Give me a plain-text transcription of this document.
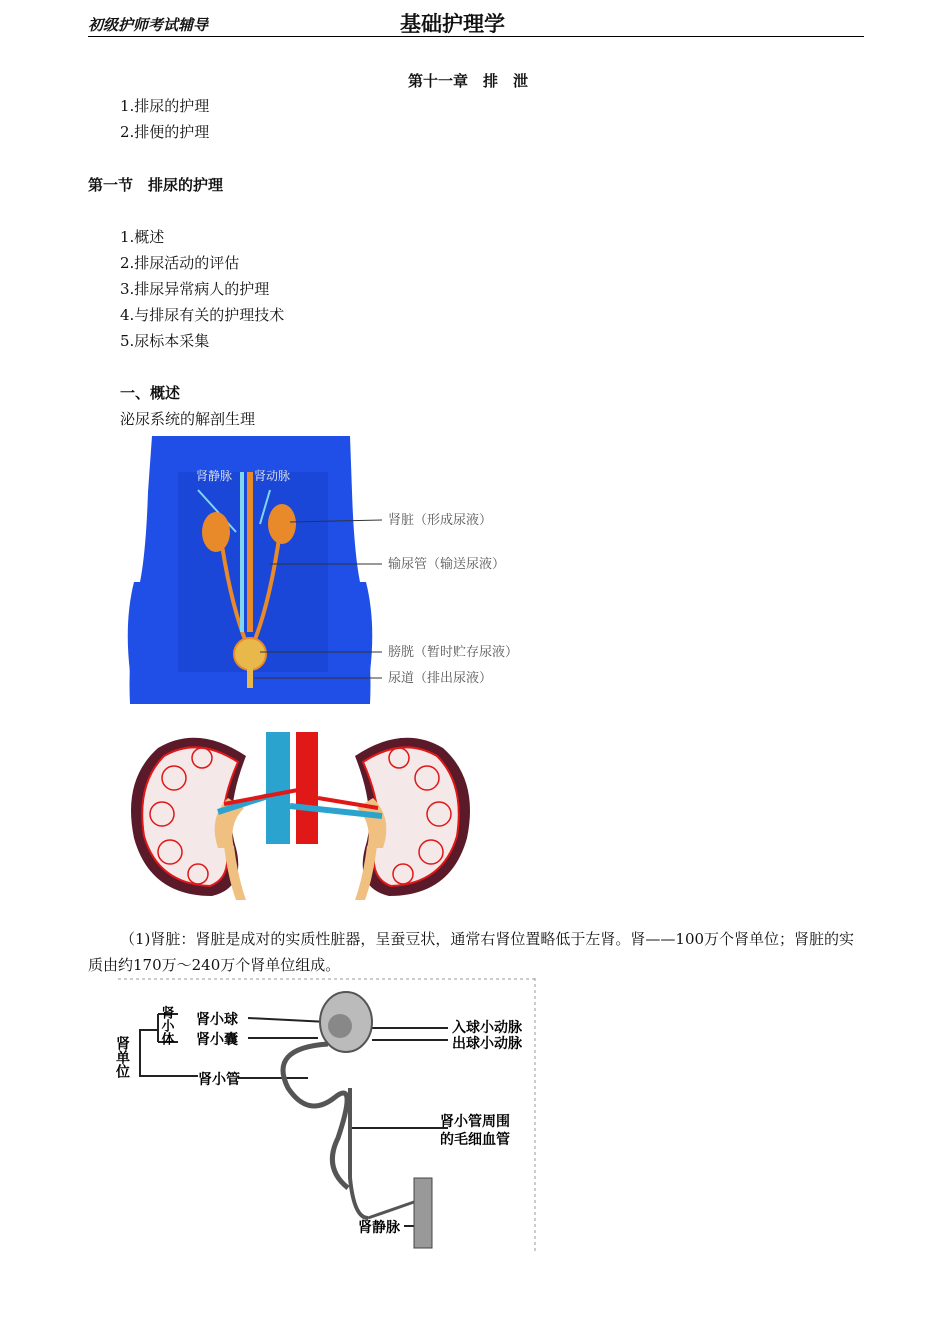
初级护师考试辅导	基础护理学
第十一章　排　泄
1.排尿的护理
2.排便的护理
第一节　排尿的护理
1.概述
2.排尿活动的评估
3.排尿异常病人的护理
4.与排尿有关的护理技术
5.尿标本采集
一、概述
泌尿系统的解剖生理
肾静脉 肾动脉
肾脏（形成尿液）
输尿管（输送尿液）
膀胱（暂时贮存尿液）
尿道（排出尿液）
（1)肾脏：肾脏是成对的实质性脏器，呈蚕豆状，通常右肾位置略低于左肾。肾——100万个肾单位；肾脏的实质由约170万～240万个肾单位组成。
肾单位
肾小体 肾小球
肾小囊
肾小管
入球小动脉
出球小动脉
肾小管周围
的毛细血管
肾静脉
